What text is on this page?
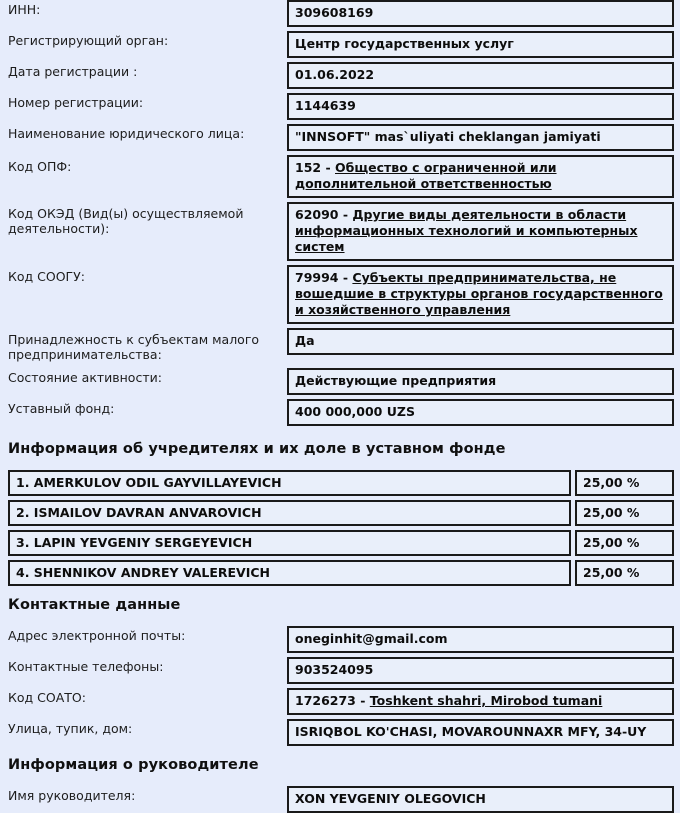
ИНН:	309608169
Регистрирующий орган:	Центр государственных услуг
Дата регистрации :	01.06.2022
Номер регистрации:	1144639
Наименование юридического лица:	"INNSOFT" mas`uliyati cheklangan jamiyati
Код ОПФ:	152 - Общество с ограниченной или дополнительной ответственностью
Код ОКЭД (Вид(ы) осуществляемой деятельности):
62090 - Другие виды деятельности в области информационных технологий и компьютерных систем
Код СООГУ:	79994 - Субъекты предпринимательства, не вошедшие в структуры органов государственного и хозяйственного управления
Принадлежность к субъектам малого предпринимательства:
Да
Состояние активности:	Действующие предприятия
Уставный фонд:	400 000,000 UZS
Информация об учредителях и их доле в уставном фонде
1. AMERKULOV ODIL GAYVILLAYEVICH	25,00 %
2. ISMAILOV DAVRAN ANVAROVICH	25,00 %
3. LAPIN YEVGENIY SERGEYEVICH	25,00 %
4. SHENNIKOV ANDREY VALEREVICH	25,00 %
Контактные данные
Адрес электронной почты:	oneginhit@gmail.com
Контактные телефоны:	903524095
Код СОАТО:	1726273 - Toshkent shahri, Mirobod tumani
Улица, тупик, дом:	ISRIQBOL KO'CHASI, MOVAROUNNAXR MFY, 34-UY
Информация о руководителе
Имя руководителя:	XON YEVGENIY OLEGOVICH
